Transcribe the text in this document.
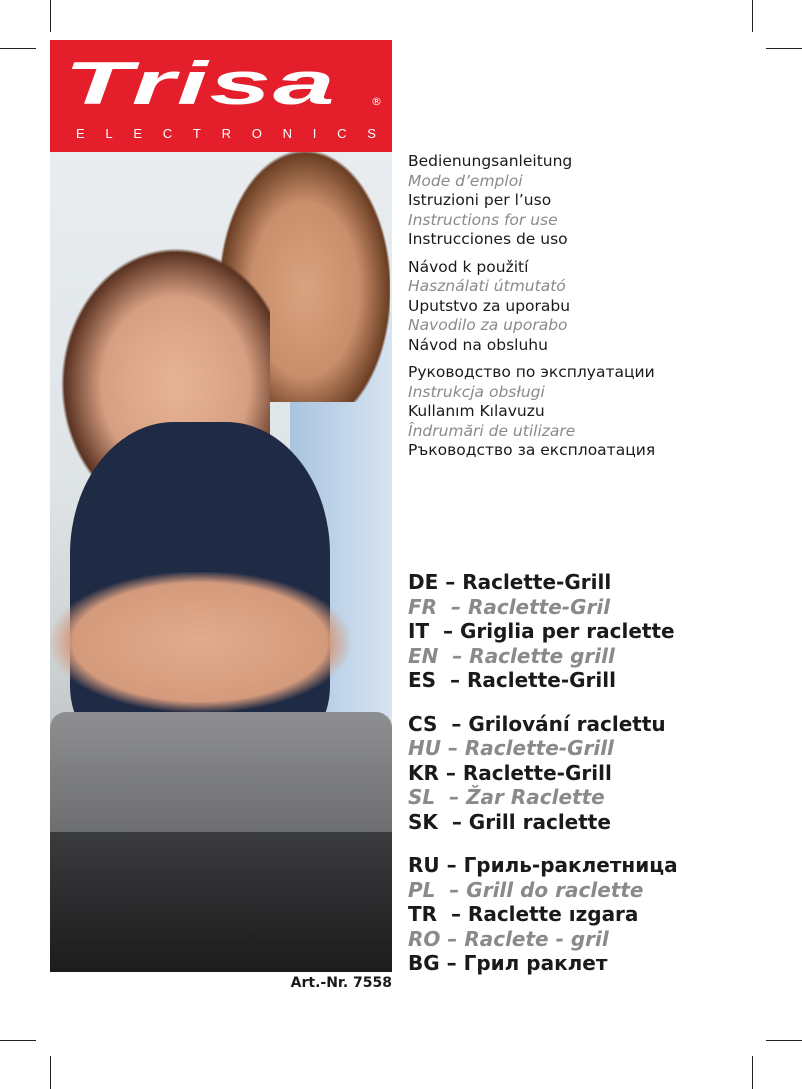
Trisa	®
E L E C T R O N I C S
Bedienungsanleitung
Mode d’emploi
Istruzioni per l’uso
Instructions for use
Instrucciones de uso
Návod k použití
Használati útmutató
Uputstvo za uporabu
Navodilo za uporabo
Návod na obsluhu
Руководство по эксплуатации
Instrukcja obsługi
Kullanım Kılavuzu
Îndrumări de utilizare
Ръководство за експлоатация
DE – Raclette-Grill
FR  – Raclette-Gril
IT  – Griglia per raclette
EN  – Raclette grill
ES  – Raclette-Grill
CS  – Grilování raclettu
HU – Raclette-Grill
KR – Raclette-Grill
SL  – Žar Raclette
SK  – Grill raclette
RU – Гриль-раклетница
PL  – Grill do raclette
TR  – Raclette ızgara
RO – Raclete - gril
BG – Грил раклет
Art.-Nr. 7558
